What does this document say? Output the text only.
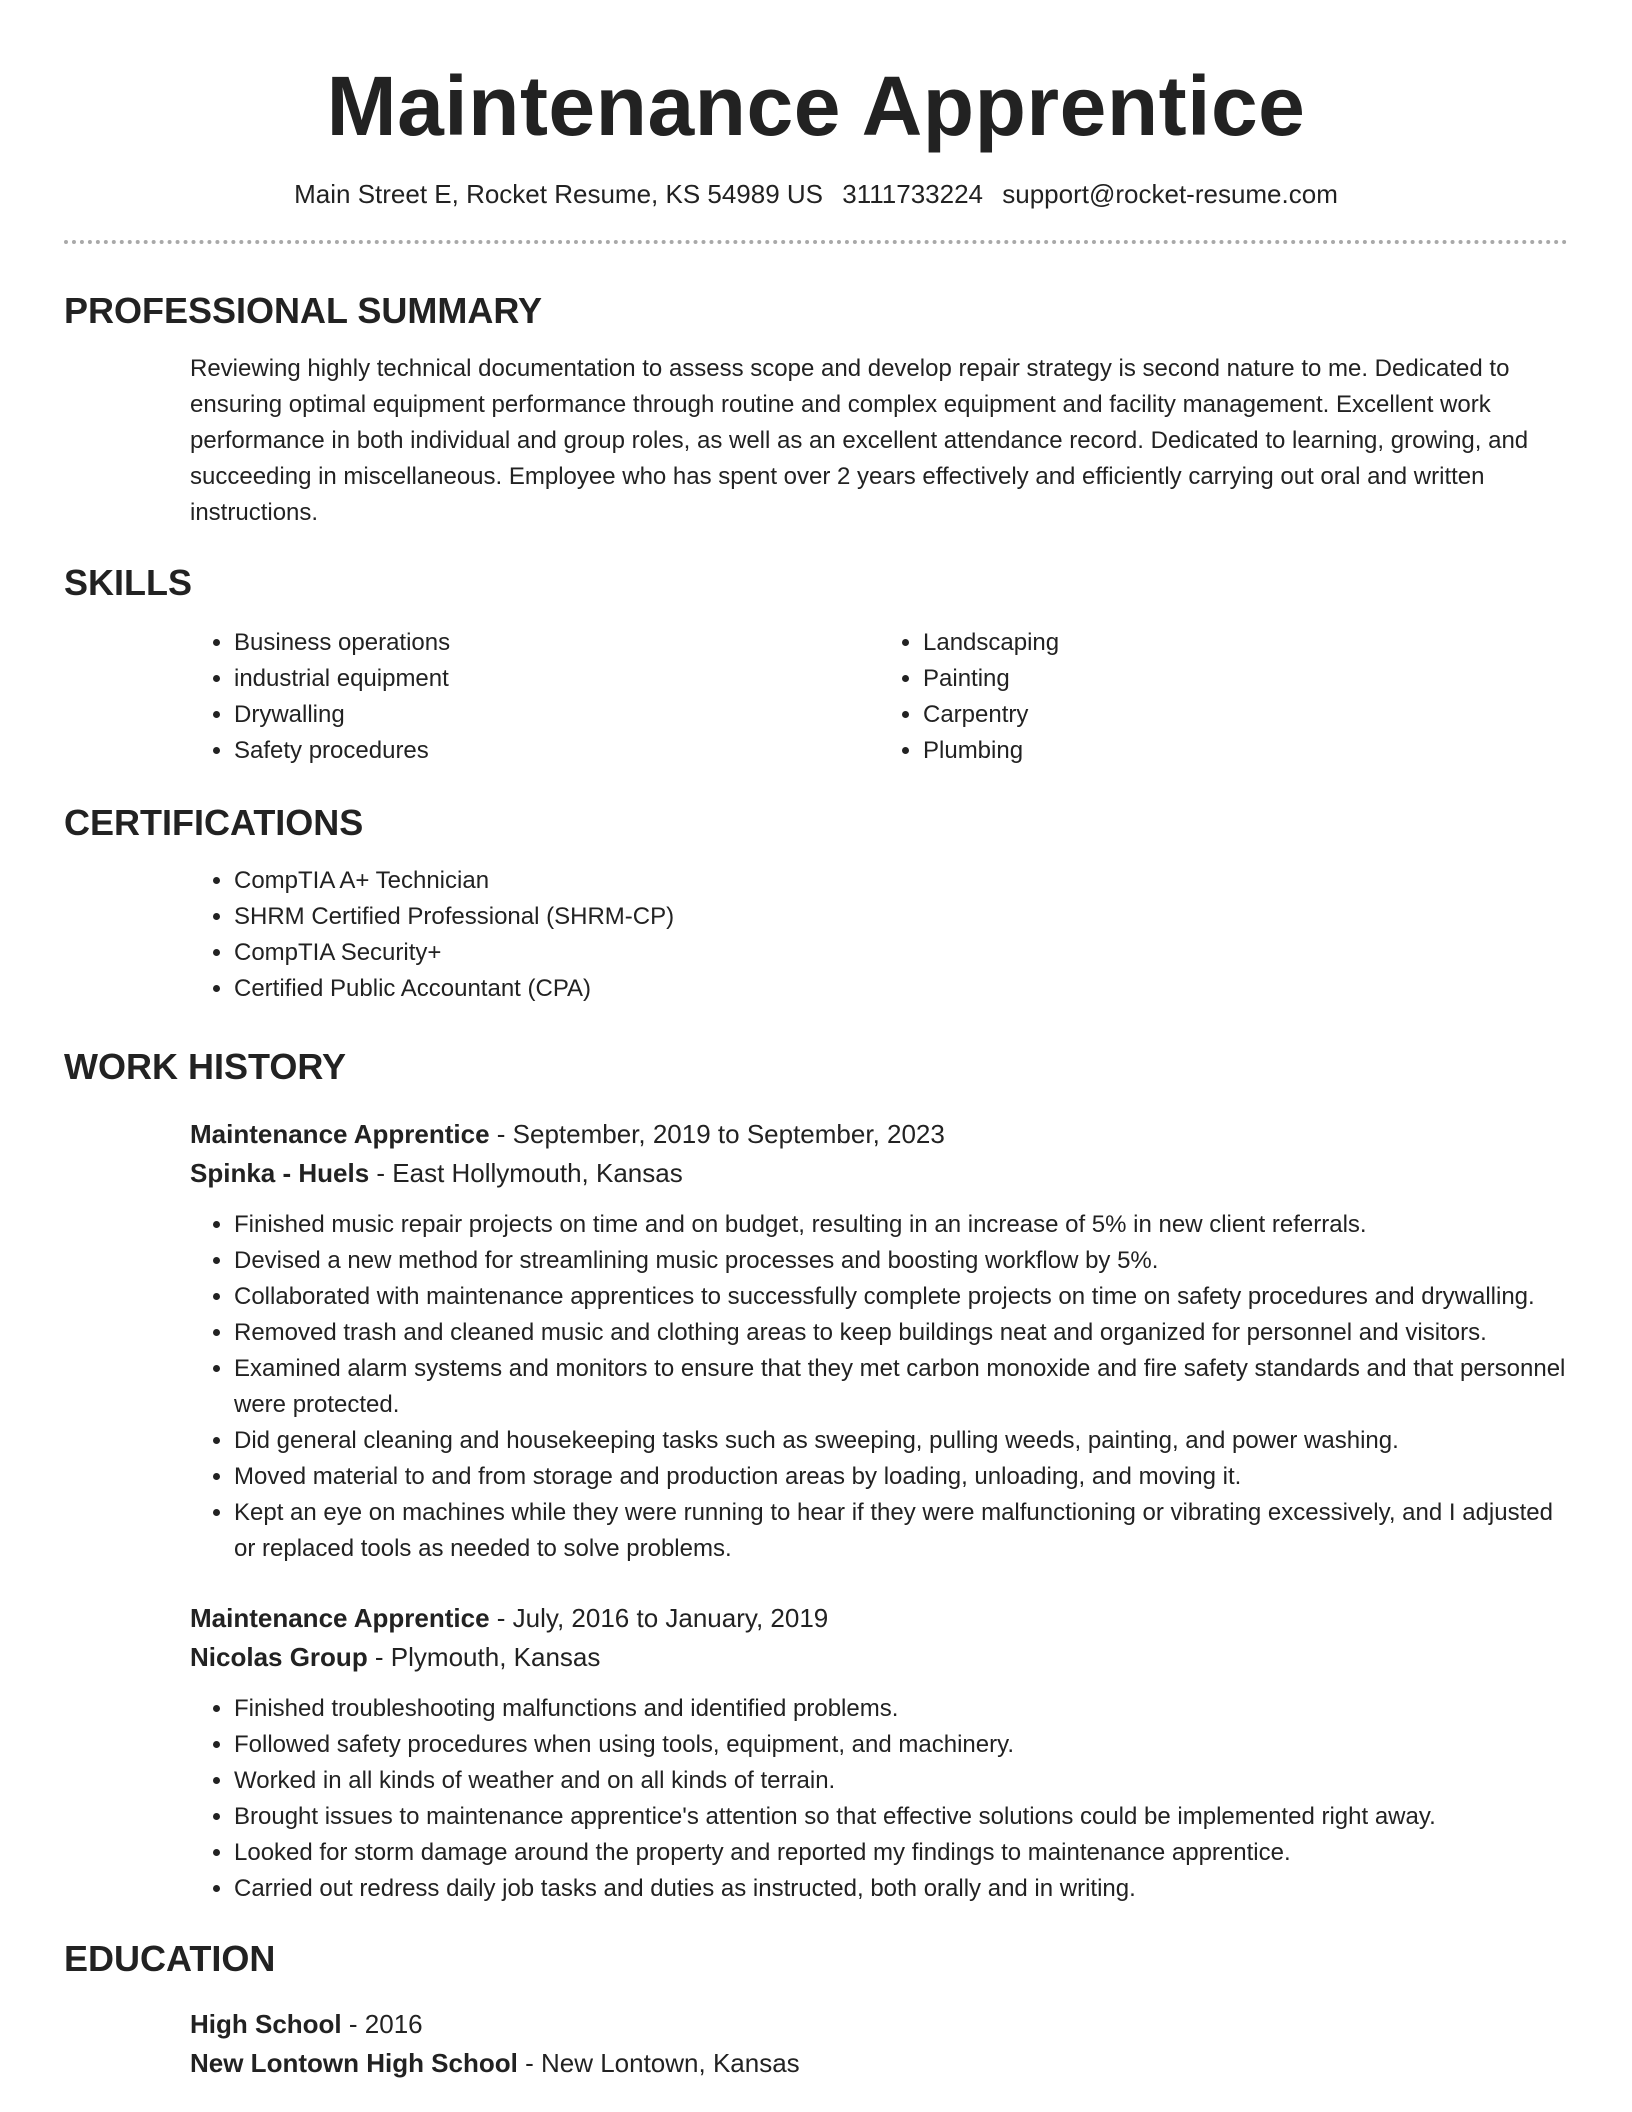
Maintenance Apprentice
Main Street E, Rocket Resume, KS 54989 US 3111733224 support@rocket-resume.com
PROFESSIONAL SUMMARY
Reviewing highly technical documentation to assess scope and develop repair strategy is second nature to me. Dedicated to ensuring optimal equipment performance through routine and complex equipment and facility management. Excellent work performance in both individual and group roles, as well as an excellent attendance record. Dedicated to learning, growing, and succeeding in miscellaneous. Employee who has spent over 2 years effectively and efficiently carrying out oral and written instructions.
SKILLS
• Business operations
• industrial equipment
• Drywalling
• Safety procedures
• Landscaping
• Painting
• Carpentry
• Plumbing
CERTIFICATIONS
• CompTIA A+ Technician
• SHRM Certified Professional (SHRM-CP)
• CompTIA Security+
• Certified Public Accountant (CPA)
WORK HISTORY
Maintenance Apprentice - September, 2019 to September, 2023
Spinka - Huels - East Hollymouth, Kansas
• Finished music repair projects on time and on budget, resulting in an increase of 5% in new client referrals.
• Devised a new method for streamlining music processes and boosting workflow by 5%.
• Collaborated with maintenance apprentices to successfully complete projects on time on safety procedures and drywalling.
• Removed trash and cleaned music and clothing areas to keep buildings neat and organized for personnel and visitors.
• Examined alarm systems and monitors to ensure that they met carbon monoxide and fire safety standards and that personnel were protected.
• Did general cleaning and housekeeping tasks such as sweeping, pulling weeds, painting, and power washing.
• Moved material to and from storage and production areas by loading, unloading, and moving it.
• Kept an eye on machines while they were running to hear if they were malfunctioning or vibrating excessively, and I adjusted or replaced tools as needed to solve problems.
Maintenance Apprentice - July, 2016 to January, 2019
Nicolas Group - Plymouth, Kansas
• Finished troubleshooting malfunctions and identified problems.
• Followed safety procedures when using tools, equipment, and machinery.
• Worked in all kinds of weather and on all kinds of terrain.
• Brought issues to maintenance apprentice's attention so that effective solutions could be implemented right away.
• Looked for storm damage around the property and reported my findings to maintenance apprentice.
• Carried out redress daily job tasks and duties as instructed, both orally and in writing.
EDUCATION
High School - 2016
New Lontown High School - New Lontown, Kansas
